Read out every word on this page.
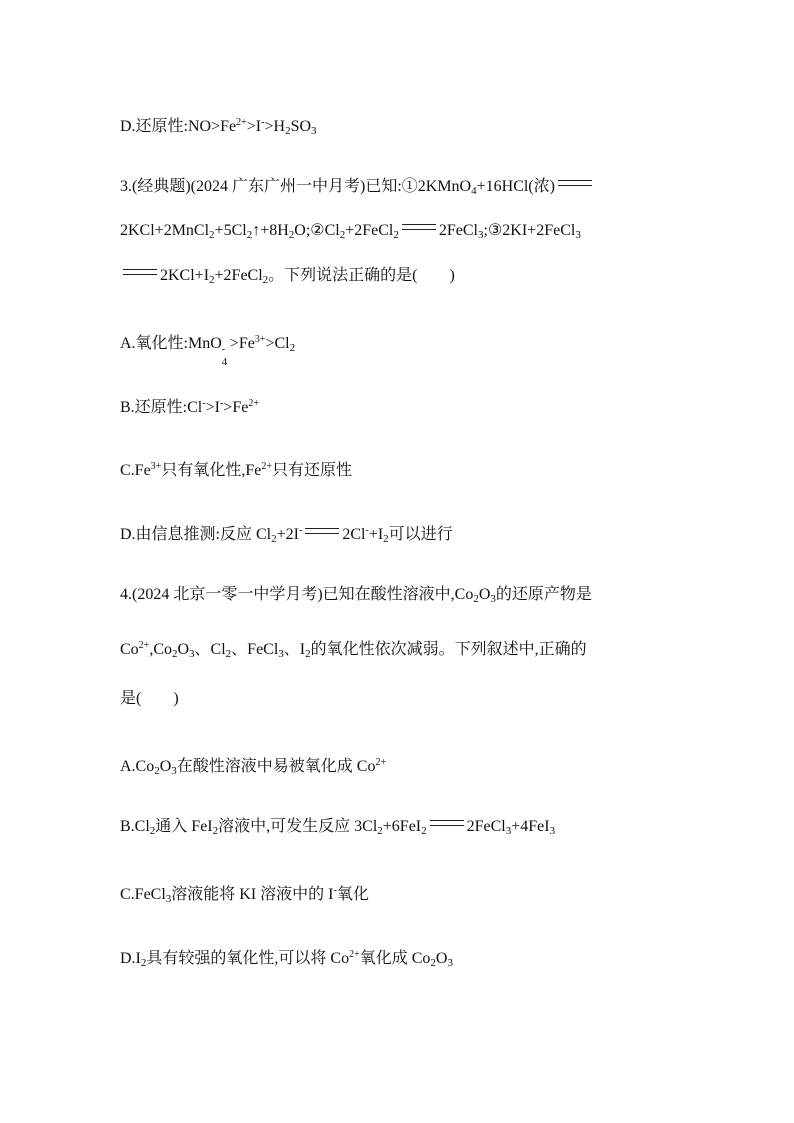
D.还原性$:NO>Fe^{2+}>I^->H_2SO_3$
3.(经典题)(2024 广东广州一中月考)已知:①2KMnO$_4$+16HCl(浓)
$2KCl+2MnCl_2+5Cl_2↑+8H_2O;②Cl_2+2FeCl_2$	2FeCl$_3$;③2KI+2FeCl$_3$
$2KCl+I_2+2FeCl_2$。下列说法正确的是(　　)
A.氧化性:MnO -
4
$>Fe^{3+}>Cl_2$
B.还原性$:Cl^->I^->Fe^{2+}$
$C.Fe^{3+}$只有氧化性$,Fe^{2+}$只有还原性
D.由信息推测:反应 $Cl_2+2I^-$	$2Cl^-+I_2$可以进行
4.(2024 北京一零一中学月考)已知在酸性溶液中$,Co_2O_3$的还原产物是
$Co^{2+},Co_2O_3$、$Cl_2$、FeCl$_3$、$I_2$的氧化性依次减弱。下列叙述中,正确的
是(　　)
$A.Co_2O_3$在酸性溶液中易被氧化成 $Co^{2+}$
$B.Cl_2$通入 FeI$_2$溶液中,可发生反应 $3Cl_2+6FeI_2$	2FeCl$_3$+4FeI$_3$
C.FeCl$_3$溶液能将 KI 溶液中的 I-氧化
$D.I_2$具有较强的氧化性,可以将 $Co^{2+}$氧化成 $Co_2O_3$
